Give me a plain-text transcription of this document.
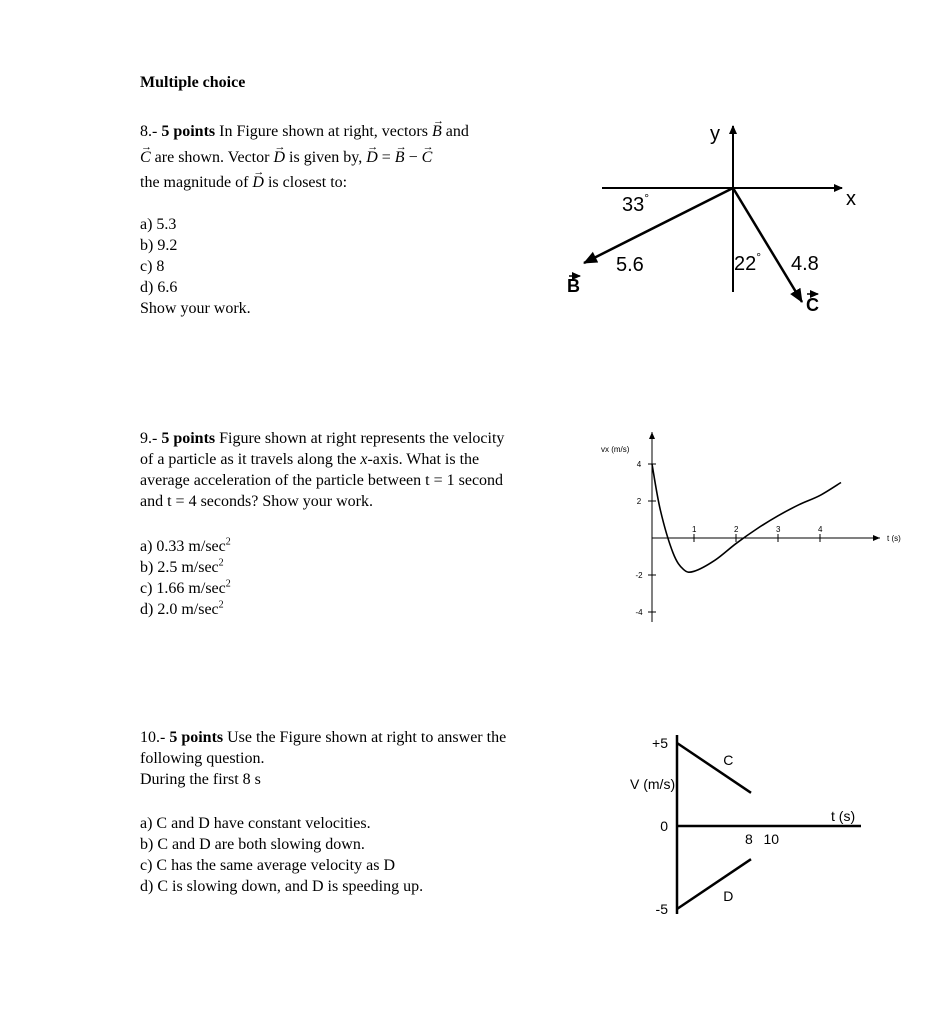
Multiple choice
8.- 5 points In Figure shown at right, vectors → B and
→ C are shown. Vector → D is given by, → D = → B − → C
the magnitude of → D is closest to:
a) 5.3
b) 9.2
c) 8
d) 6.6
Show your work.
y
x
33°
5.6	22° 4.8
B
C
9.- 5 points Figure shown at right represents the velocity
of a particle as it travels along the x-axis. What is the
average acceleration of the particle between t = 1 second
and t = 4 seconds? Show your work.
a) 0.33 $m/\sec^2$
b) 2.5 $m/\sec^2$
c) 1.66 $m/\sec^2$
d) 2.0 $m/\sec^2$
vx (m/s)
t (s)
1	2	3	4
4
2
-2
-4
10.- 5 points Use the Figure shown at right to answer the
following question.
During the first 8 s
a) C and D have constant velocities.
b) C and D are both slowing down.
c) C has the same average velocity as D
d) C is slowing down, and D is speeding up.
V (m/s)
t (s)
+5
0
-5
8 10
C
D
